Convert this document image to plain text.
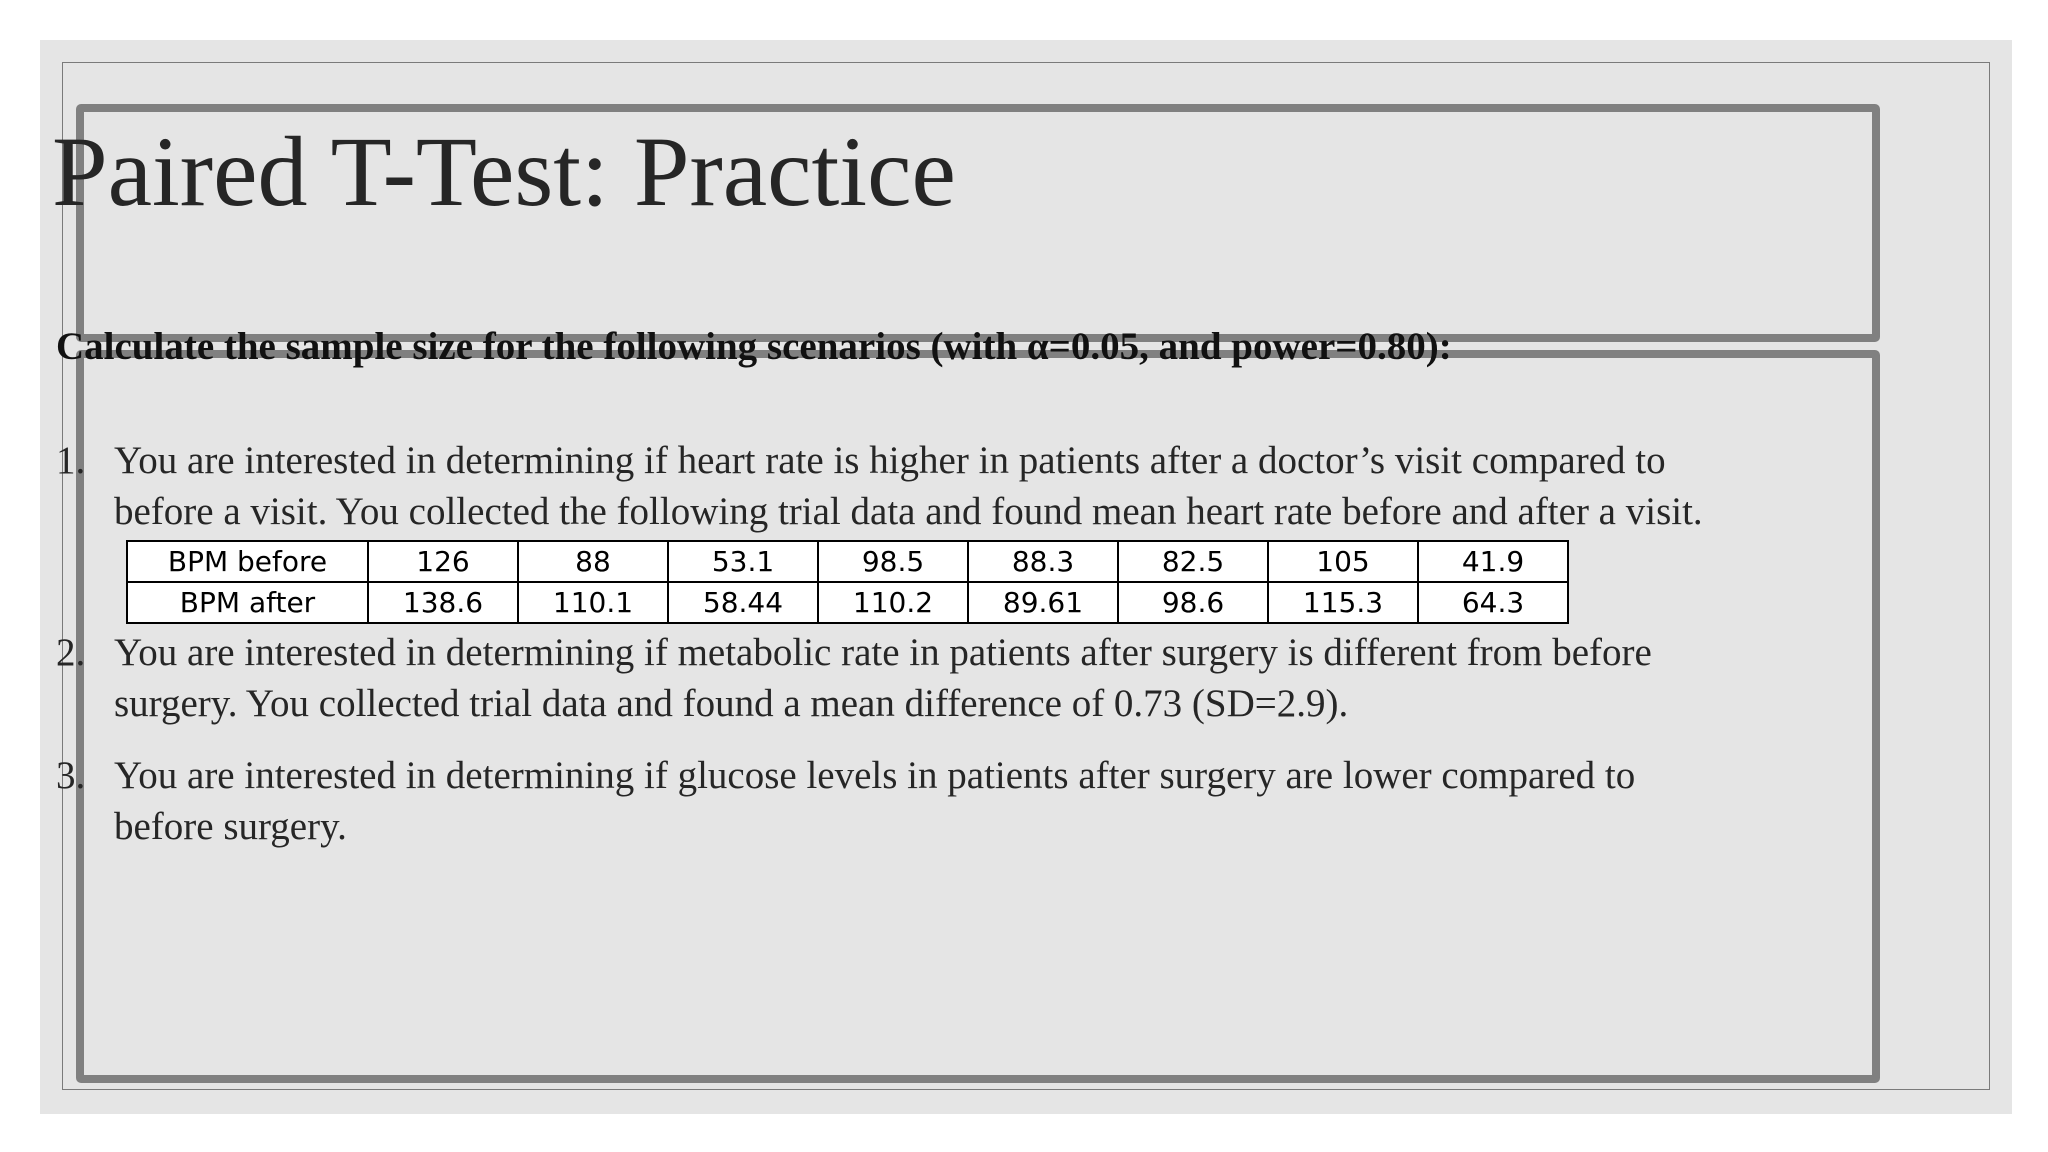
Paired T-Test: Practice
Calculate the sample size for the following scenarios (with α=0.05, and power=0.80):
1. You are interested in determining if heart rate is higher in patients after a doctor’s visit compared to
before a visit. You collected the following trial data and found mean heart rate before and after a visit.
BPM before	126	88	53.1	98.5	88.3	82.5	105	41.9
BPM after	138.6	110.1	58.44	110.2	89.61	98.6	115.3	64.3
2. You are interested in determining if metabolic rate in patients after surgery is different from before
surgery. You collected trial data and found a mean difference of 0.73 (SD=2.9).
3. You are interested in determining if glucose levels in patients after surgery are lower compared to
before surgery.
